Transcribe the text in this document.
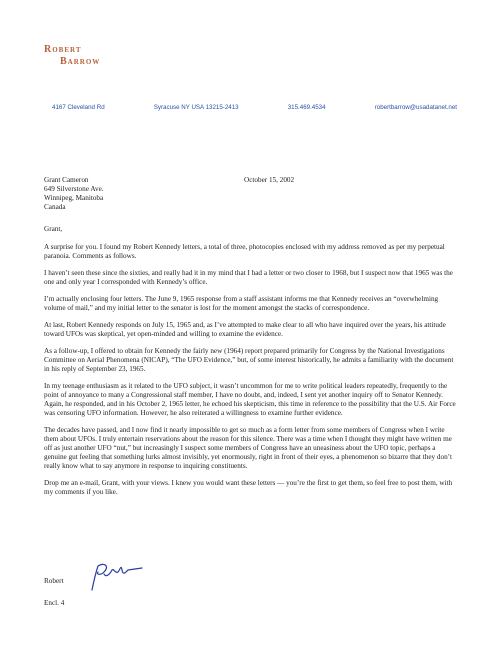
Robert
Barrow
4167 Cleveland Rd	Syracuse NY USA 13215-2413	315.469.4534	robertbarrow@usadatanet.net
Grant Cameron
649 Silverstone Ave.
Winnipeg, Manitoba
Canada
October 15, 2002

Grant,

A surprise for you. I found my Robert Kennedy letters, a total of three, photocopies enclosed with my address removed as per my perpetual paranoia. Comments as follows.

I haven’t seen these since the sixties, and really had it in my mind that I had a letter or two closer to 1968, but I suspect now that 1965 was the one and only year I corresponded with Kennedy’s office.

I’m actually enclosing four letters. The June 9, 1965 response from a staff assistant informs me that Kennedy receives an “overwhelming volume of mail,” and my initial letter to the senator is lost for the moment amongst the stacks of correspondence.

At last, Robert Kennedy responds on July 15, 1965 and, as I’ve attempted to make clear to all who have inquired over the years, his attitude toward UFOs was skeptical, yet open-minded and willing to examine the evidence.

As a follow-up, I offered to obtain for Kennedy the fairly new (1964) report prepared primarily for Congress by the National Investigations Committee on Aerial Phenomena (NICAP), “The UFO Evidence,” but, of some interest historically, he admits a familiarity with the document in his reply of September 23, 1965.

In my teenage enthusiasm as it related to the UFO subject, it wasn’t uncommon for me to write political leaders repeatedly, frequently to the point of annoyance to many a Congressional staff member, I have no doubt, and, indeed, I sent yet another inquiry off to Senator Kennedy. Again, he responded, and in his October 2, 1965 letter, he echoed his skepticism, this time in reference to the possibility that the U.S. Air Force was censoring UFO information. However, he also reiterated a willingness to examine further evidence.

The decades have passed, and I now find it nearly impossible to get so much as a form letter from some members of Congress when I write them about UFOs. I truly entertain reservations about the reason for this silence. There was a time when I thought they might have written me off as just another UFO “nut,” but increasingly I suspect some members of Congress have an uneasiness about the UFO topic, perhaps a genuine gut feeling that something lurks almost invisibly, yet enormously, right in front of their eyes, a phenomenon so bizarre that they don’t really know what to say anymore in response to inquiring constituents.

Drop me an e-mail, Grant, with your views. I knew you would want these letters — you’re the first to get them, so feel free to post them, with my comments if you like.

Robert
Encl. 4
